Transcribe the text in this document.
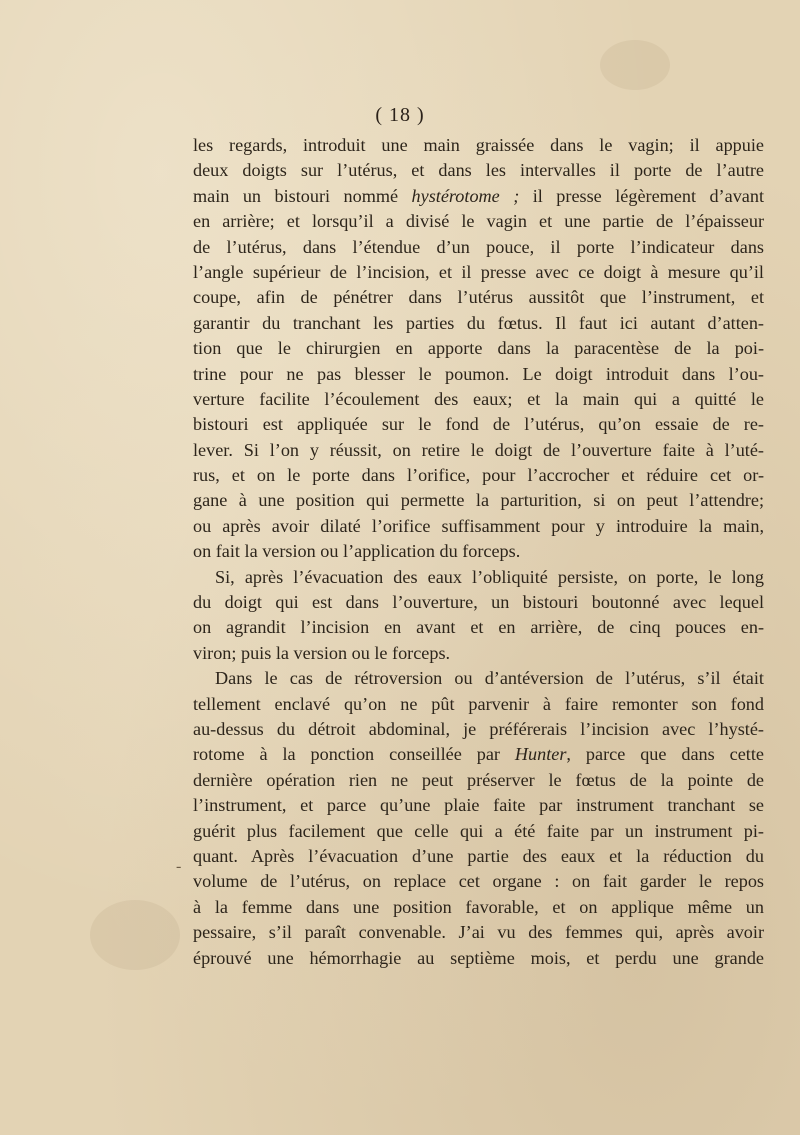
( 18 )
-
les regards, introduit une main graissée dans le vagin; il appuie
deux doigts sur l’utérus, et dans les intervalles il porte de l’autre
main un bistouri nommé hystérotome ; il presse légèrement d’avant
en arrière; et lorsqu’il a divisé le vagin et une partie de l’épaisseur
de l’utérus, dans l’étendue d’un pouce, il porte l’indicateur dans
l’angle supérieur de l’incision, et il presse avec ce doigt à mesure qu’il
coupe, afin de pénétrer dans l’utérus aussitôt que l’instrument, et
garantir du tranchant les parties du fœtus. Il faut ici autant d’atten-
tion que le chirurgien en apporte dans la paracentèse de la poi-
trine pour ne pas blesser le poumon. Le doigt introduit dans l’ou-
verture facilite l’écoulement des eaux; et la main qui a quitté le
bistouri est appliquée sur le fond de l’utérus, qu’on essaie de re-
lever. Si l’on y réussit, on retire le doigt de l’ouverture faite à l’uté-
rus, et on le porte dans l’orifice, pour l’accrocher et réduire cet or-
gane à une position qui permette la parturition, si on peut l’attendre;
ou après avoir dilaté l’orifice suffisamment pour y introduire la main,
on fait la version ou l’application du forceps.
Si, après l’évacuation des eaux l’obliquité persiste, on porte, le long
du doigt qui est dans l’ouverture, un bistouri boutonné avec lequel
on agrandit l’incision en avant et en arrière, de cinq pouces en-
viron; puis la version ou le forceps.
Dans le cas de rétroversion ou d’antéversion de l’utérus, s’il était
tellement enclavé qu’on ne pût parvenir à faire remonter son fond
au-dessus du détroit abdominal, je préférerais l’incision avec l’hysté-
rotome à la ponction conseillée par Hunter, parce que dans cette
dernière opération rien ne peut préserver le fœtus de la pointe de
l’instrument, et parce qu’une plaie faite par instrument tranchant se
guérit plus facilement que celle qui a été faite par un instrument pi-
quant. Après l’évacuation d’une partie des eaux et la réduction du
volume de l’utérus, on replace cet organe : on fait garder le repos
à la femme dans une position favorable, et on applique même un
pessaire, s’il paraît convenable. J’ai vu des femmes qui, après avoir
éprouvé une hémorrhagie au septième mois, et perdu une grande
